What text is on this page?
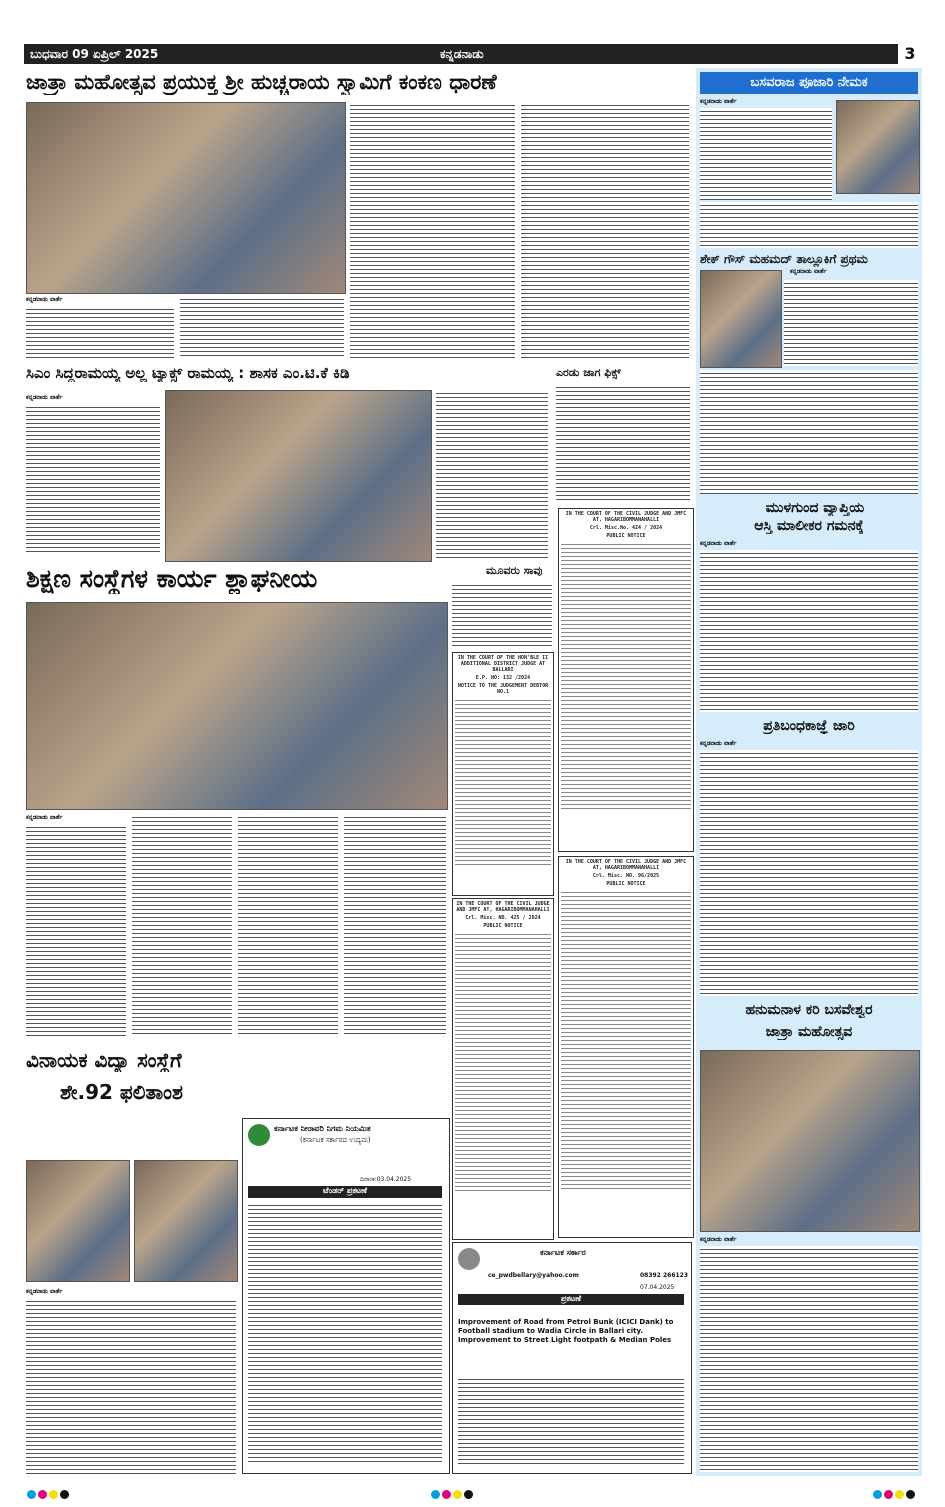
ಬುಧವಾರ 09 ಏಪ್ರಿಲ್ 2025	ಕನ್ನಡನಾಡು	3
ಜಾತ್ರಾ ಮಹೋತ್ಸವ ಪ್ರಯುಕ್ತ ಶ್ರೀ ಹುಚ್ಚರಾಯ ಸ್ವಾಮಿಗೆ ಕಂಕಣ ಧಾರಣೆ
ಕನ್ನಡನಾಡು ವಾರ್ತೆ
ಸಿಎಂ ಸಿದ್ದರಾಮಯ್ಯ ಅಲ್ಲ ಟ್ಯಾಕ್ಸ್ ರಾಮಯ್ಯ : ಶಾಸಕ ಎಂ.ಟಿ.ಕೆ ಕಿಡಿ
ಕನ್ನಡನಾಡು ವಾರ್ತೆ
ಎರಡು ಜಾಗ ಫಿಕ್ಸ್
ಶಿಕ್ಷಣ ಸಂಸ್ಥೆಗಳ ಕಾರ್ಯ ಶ್ಲಾಘನೀಯ	ಮೂವರು ಸಾವು
IN THE COURT OF THE HON'BLE II ADDITIONAL DISTRICT JUDGE AT BALLARI
E.P. NO: 132 /2024
NOTICE TO THE JUDGEMENT DEBTOR NO.1
IN THE COURT OF THE CIVIL JUDGE AND JMFC AT, HAGARIBOMMANAHALLI
Crl. Misc.No. 424 / 2024
PUBLIC NOTICE
IN THE COURT OF THE CIVIL JUDGE AND JMFC AT, HAGARIBOMMANAHALLI
Crl. Misc. NO. 425 / 2024
PUBLIC NOTICE
IN THE COURT OF THE CIVIL JUDGE AND JMFC AT, HAGARIBOMMANAHALLI
Crl. Misc. NO. 96/2025
PUBLIC NOTICE
ಕನ್ನಡನಾಡು ವಾರ್ತೆ
ವಿನಾಯಕ ವಿದ್ಯಾ ಸಂಸ್ಥೆಗೆ
ಶೇ.92 ಫಲಿತಾಂಶ
ಕನ್ನಡನಾಡು ವಾರ್ತೆ
ಕರ್ನಾಟಕ ನೀರಾವರಿ ನಿಗಮ ನಿಯಮಿತ
(ಕರ್ನಾಟಕ ಸರ್ಕಾರದ ಉದ್ಯಮ)
ದಿನಾಂಕ:03.04.2025
ಟೆಂಡರ್ ಪ್ರಕಟಣೆ
ಕರ್ನಾಟಕ ಸರ್ಕಾರ
ce_pwdbellary@yahoo.com	08392 266123
07.04.2025
ಪ್ರಕಟಣೆ
Improvement of Road from Petrol Bunk (ICICI Dank) to Football stadium to Wadia Circle in Ballari city. Improvement to Street Light footpath & Median Poles
ಬಸವರಾಜ ಪೂಜಾರಿ ನೇಮಕ
ಕನ್ನಡನಾಡು ವಾರ್ತೆ
ಶೇಕ್ ಗೌಸ್ ಮಹಮದ್ ತಾಲ್ಲೂಕಿಗೆ ಪ್ರಥಮ
ಕನ್ನಡನಾಡು ವಾರ್ತೆ
ಮುಳಗುಂದ ವ್ಯಾಪ್ತಿಯ
ಆಸ್ತಿ ಮಾಲೀಕರ ಗಮನಕ್ಕೆ
ಕನ್ನಡನಾಡು ವಾರ್ತೆ
ಪ್ರತಿಬಂಧಕಾಜ್ಞೆ ಜಾರಿ
ಕನ್ನಡನಾಡು ವಾರ್ತೆ
ಹನುಮನಾಳ ಕರಿ ಬಸವೇಶ್ವರ
ಜಾತ್ರಾ ಮಹೋತ್ಸವ
ಕನ್ನಡನಾಡು ವಾರ್ತೆ
